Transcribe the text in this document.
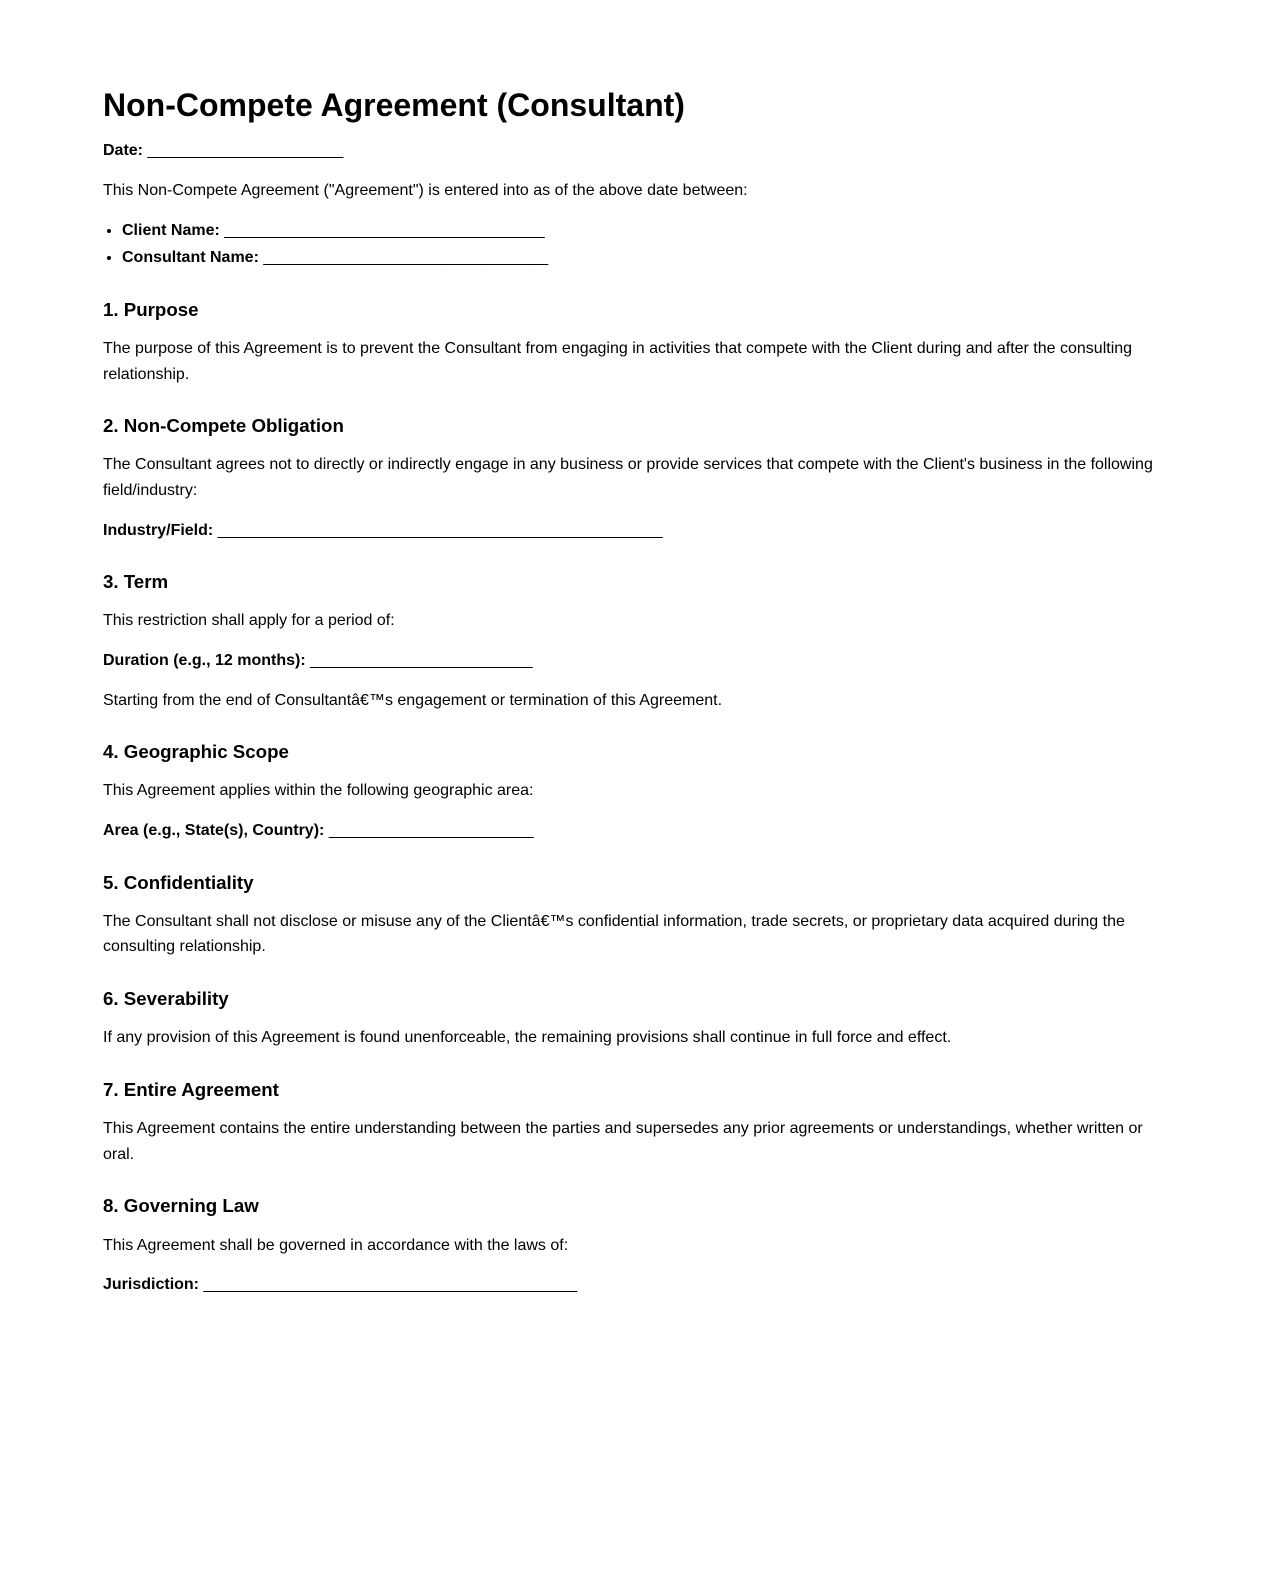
Non-Compete Agreement (Consultant)

Date: ______________________

This Non-Compete Agreement ("Agreement") is entered into as of the above date between:

• Client Name: ____________________________________
• Consultant Name: ________________________________
1. Purpose

The purpose of this Agreement is to prevent the Consultant from engaging in activities that compete with the Client during and after the consulting relationship.

2. Non-Compete Obligation

The Consultant agrees not to directly or indirectly engage in any business or provide services that compete with the Client's business in the following field/industry:

Industry/Field: __________________________________________________

3. Term

This restriction shall apply for a period of:

Duration (e.g., 12 months): _________________________

Starting from the end of Consultantâ€™s engagement or termination of this Agreement.

4. Geographic Scope

This Agreement applies within the following geographic area:

Area (e.g., State(s), Country): _______________________

5. Confidentiality

The Consultant shall not disclose or misuse any of the Clientâ€™s confidential information, trade secrets, or proprietary data acquired during the consulting relationship.

6. Severability

If any provision of this Agreement is found unenforceable, the remaining provisions shall continue in full force and effect.

7. Entire Agreement

This Agreement contains the entire understanding between the parties and supersedes any prior agreements or understandings, whether written or oral.

8. Governing Law

This Agreement shall be governed in accordance with the laws of:

Jurisdiction: __________________________________________
